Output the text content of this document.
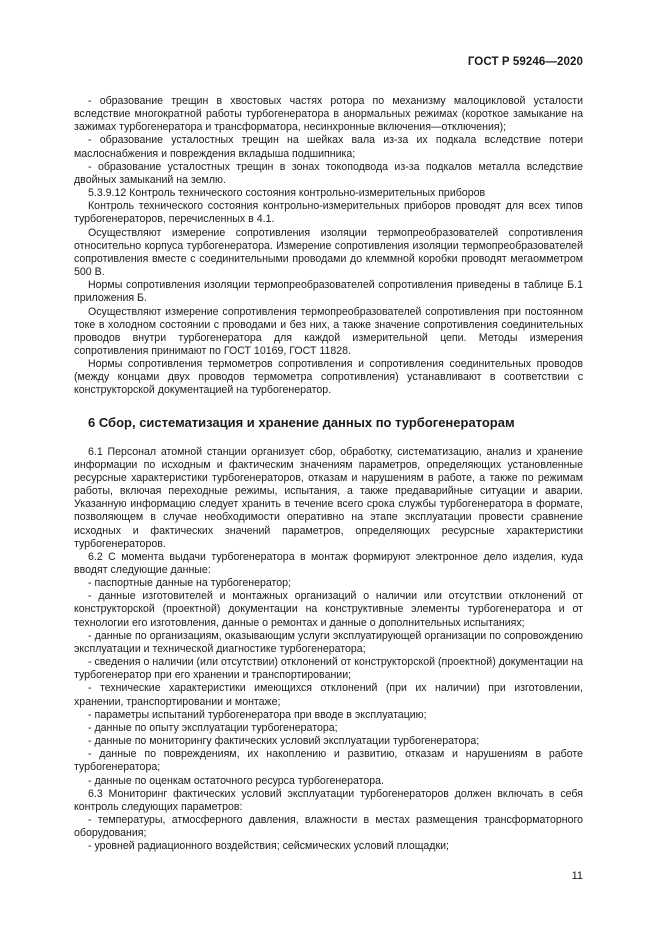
ГОСТ Р 59246—2020

- образование трещин в хвостовых частях ротора по механизму малоцикловой усталости вследствие многократной работы турбогенератора в анормальных режимах (короткое замыкание на зажимах турбогенератора и трансформатора, несинхронные включения—отключения);

- образование усталостных трещин на шейках вала из-за их подкала вследствие потери маслоснабжения и повреждения вкладыша подшипника;

- образование усталостных трещин в зонах токоподвода из-за подкалов металла вследствие двойных замыканий на землю.

5.3.9.12 Контроль технического состояния контрольно-измерительных приборов

Контроль технического состояния контрольно-измерительных приборов проводят для всех типов турбогенераторов, перечисленных в 4.1.

Осуществляют измерение сопротивления изоляции термопреобразователей сопротивления относительно корпуса турбогенератора. Измерение сопротивления изоляции термопреобразователей сопротивления вместе с соединительными проводами до клеммной коробки проводят мегаомметром 500 В.

Нормы сопротивления изоляции термопреобразователей сопротивления приведены в таблице Б.1 приложения Б.

Осуществляют измерение сопротивления термопреобразователей сопротивления при постоянном токе в холодном состоянии с проводами и без них, а также значение сопротивления соединительных проводов внутри турбогенератора для каждой измерительной цепи. Методы измерения сопротивления принимают по ГОСТ 10169, ГОСТ 11828.

Нормы сопротивления термометров сопротивления и сопротивления соединительных проводов (между концами двух проводов термометра сопротивления) устанавливают в соответствии с конструкторской документацией на турбогенератор.

6 Сбор, систематизация и хранение данных по турбогенераторам

6.1 Персонал атомной станции организует сбор, обработку, систематизацию, анализ и хранение информации по исходным и фактическим значениям параметров, определяющих установленные ресурсные характеристики турбогенераторов, отказам и нарушениям в работе, а также по режимам работы, включая переходные режимы, испытания, а также предаварийные ситуации и аварии. Указанную информацию следует хранить в течение всего срока службы турбогенератора в формате, позволяющем в случае необходимости оперативно на этапе эксплуатации провести сравнение исходных и фактических значений параметров, определяющих ресурсные характеристики турбогенераторов.

6.2 С момента выдачи турбогенератора в монтаж формируют электронное дело изделия, куда вводят следующие данные:

- паспортные данные на турбогенератор;

- данные изготовителей и монтажных организаций о наличии или отсутствии отклонений от конструкторской (проектной) документации на конструктивные элементы турбогенератора и от технологии его изготовления, данные о ремонтах и данные о дополнительных испытаниях;

- данные по организациям, оказывающим услуги эксплуатирующей организации по сопровождению эксплуатации и технической диагностике турбогенератора;

- сведения о наличии (или отсутствии) отклонений от конструкторской (проектной) документации на турбогенератор при его хранении и транспортировании;

- технические характеристики имеющихся отклонений (при их наличии) при изготовлении, хранении, транспортировании и монтаже;

- параметры испытаний турбогенератора при вводе в эксплуатацию;

- данные по опыту эксплуатации турбогенератора;

- данные по мониторингу фактических условий эксплуатации турбогенератора;

- данные по повреждениям, их накоплению и развитию, отказам и нарушениям в работе турбогенератора;

- данные по оценкам остаточного ресурса турбогенератора.

6.3 Мониторинг фактических условий эксплуатации турбогенераторов должен включать в себя контроль следующих параметров:

- температуры, атмосферного давления, влажности в местах размещения трансформаторного оборудования;

- уровней радиационного воздействия; сейсмических условий площадки;

11
